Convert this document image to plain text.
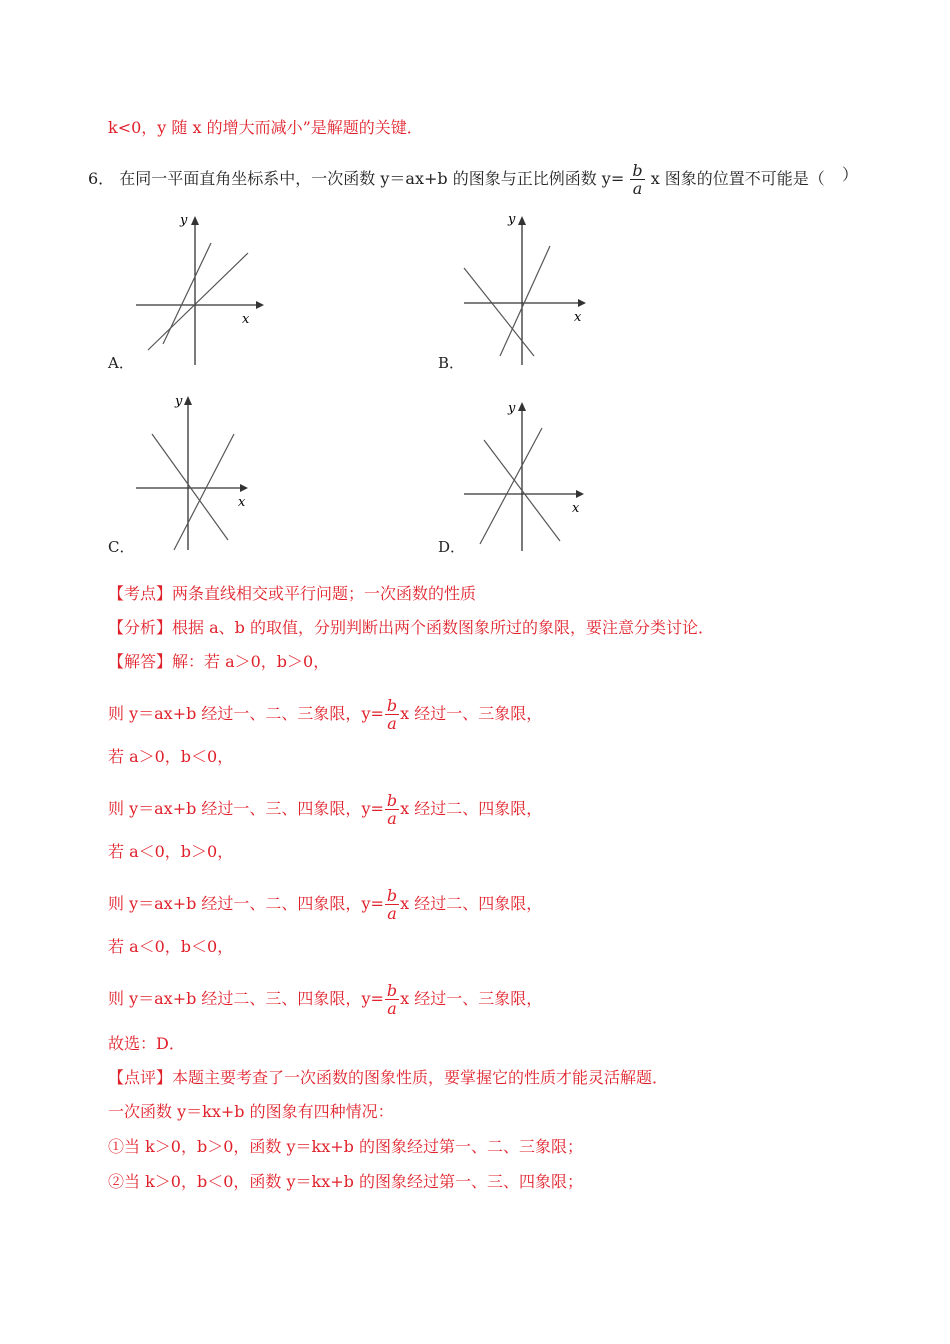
k<0，y 随 x 的增大而减小”是解题的关键．
6． 在同一平面直角坐标系中，一次函数 y＝ax+b 的图象与正比例函数 $y= \frac{b}{a}$ x 图象的位置不可能是（ ）
x
y
A．
x
y
B．
x
y
C．
x
y
D．
【考点】两条直线相交或平行问题；一次函数的性质
【分析】根据 a、b 的取值，分别判断出两个函数图象所过的象限，要注意分类讨论．
【解答】解：若 a＞0，b＞0，
则 y＝ax+b 经过一、二、三象限，$y= \frac{b}{a}$ x 经过一、三象限，
若 a＞0，b＜0，
则 y＝ax+b 经过一、三、四象限，$y= \frac{b}{a}$ x 经过二、四象限，
若 a＜0，b＞0，
则 y＝ax+b 经过一、二、四象限，$y= \frac{b}{a}$ x 经过二、四象限，
若 a＜0，b＜0，
则 y＝ax+b 经过二、三、四象限，$y= \frac{b}{a}$ x 经过一、三象限，
故选：D．
【点评】本题主要考查了一次函数的图象性质，要掌握它的性质才能灵活解题．
一次函数 y＝kx+b 的图象有四种情况：
①当 k＞0，b＞0，函数 y＝kx+b 的图象经过第一、二、三象限；
②当 k＞0，b＜0，函数 y＝kx+b 的图象经过第一、三、四象限；
